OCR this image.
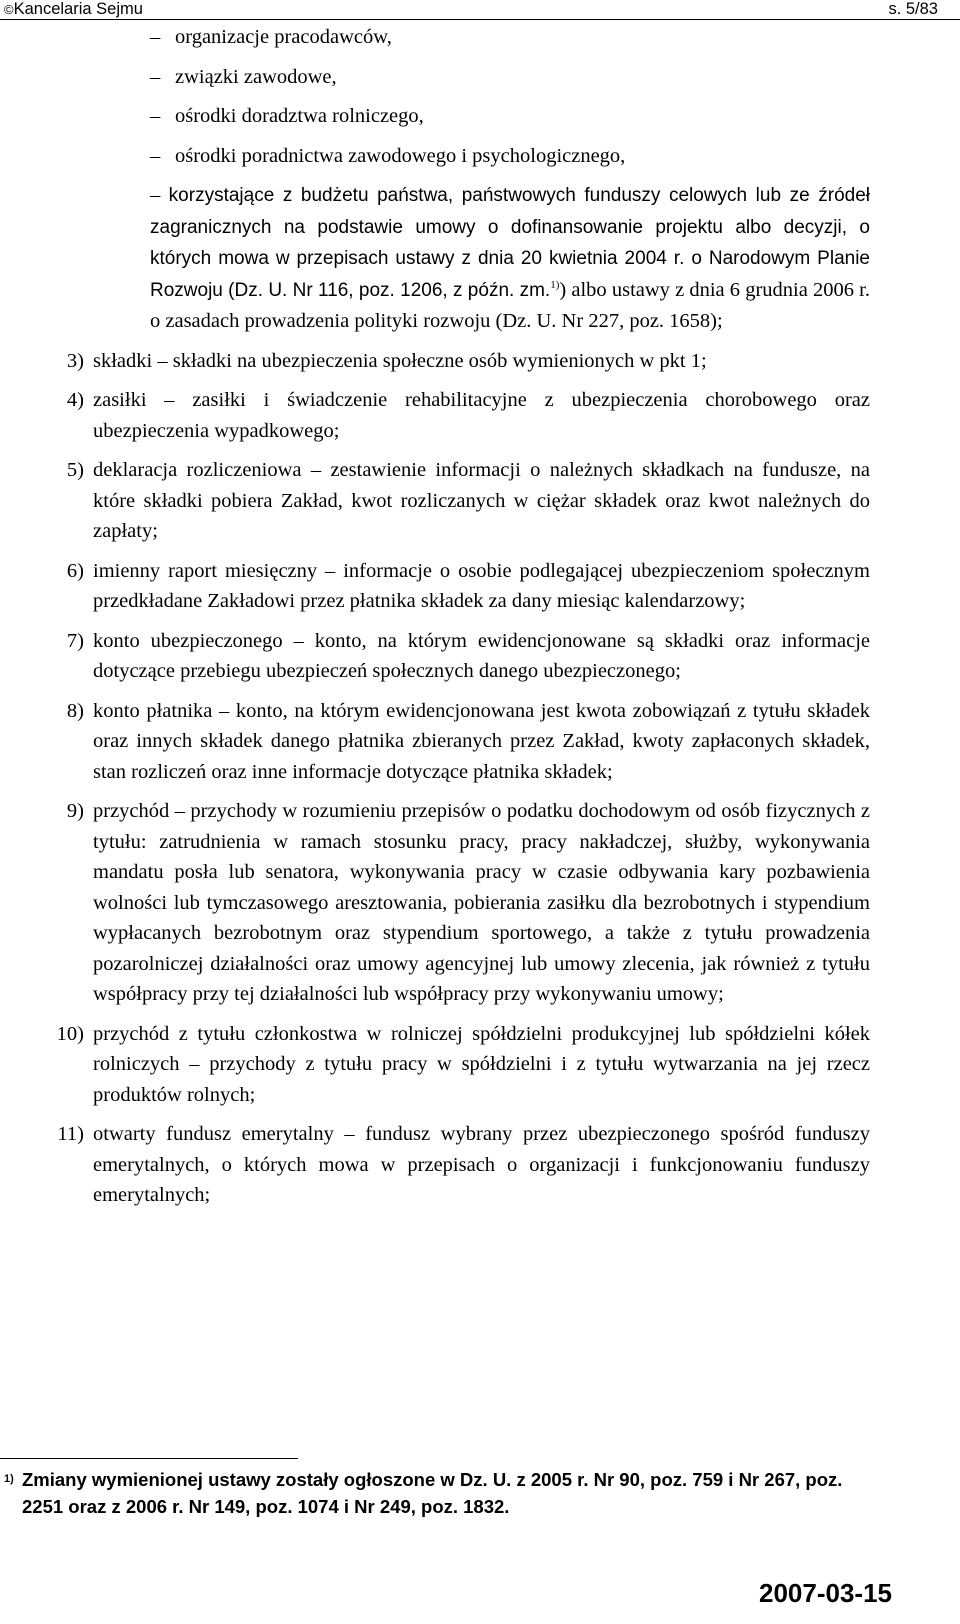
©Kancelaria Sejmu	s. 5/83
– organizacje pracodawców,
– związki zawodowe,
– ośrodki doradztwa rolniczego,
– ośrodki poradnictwa zawodowego i psychologicznego,
– korzystające z budżetu państwa, państwowych funduszy celowych lub ze źródeł zagranicznych na podstawie umowy o dofinansowanie projektu albo decyzji, o których mowa w przepisach ustawy z dnia 20 kwietnia 2004 r. o Narodowym Planie Rozwoju (Dz. U. Nr 116, poz. 1206, z późn. zm.$^{1)}$) albo ustawy z dnia 6 grudnia 2006 r. o zasadach prowadzenia polityki rozwoju (Dz. U. Nr 227, poz. 1658);
3) składki – składki na ubezpieczenia społeczne osób wymienionych w pkt 1;
4) zasiłki – zasiłki i świadczenie rehabilitacyjne z ubezpieczenia chorobowego oraz ubezpieczenia wypadkowego;
5) deklaracja rozliczeniowa – zestawienie informacji o należnych składkach na fundusze, na które składki pobiera Zakład, kwot rozliczanych w ciężar składek oraz kwot należnych do zapłaty;
6) imienny raport miesięczny – informacje o osobie podlegającej ubezpieczeniom społecznym przedkładane Zakładowi przez płatnika składek za dany miesiąc kalendarzowy;
7) konto ubezpieczonego – konto, na którym ewidencjonowane są składki oraz informacje dotyczące przebiegu ubezpieczeń społecznych danego ubezpieczonego;
8) konto płatnika – konto, na którym ewidencjonowana jest kwota zobowiązań z tytułu składek oraz innych składek danego płatnika zbieranych przez Zakład, kwoty zapłaconych składek, stan rozliczeń oraz inne informacje dotyczące płatnika składek;
9) przychód – przychody w rozumieniu przepisów o podatku dochodowym od osób fizycznych z tytułu: zatrudnienia w ramach stosunku pracy, pracy nakładczej, służby, wykonywania mandatu posła lub senatora, wykonywania pracy w czasie odbywania kary pozbawienia wolności lub tymczasowego aresztowania, pobierania zasiłku dla bezrobotnych i stypendium wypłacanych bezrobotnym oraz stypendium sportowego, a także z tytułu prowadzenia pozarolniczej działalności oraz umowy agencyjnej lub umowy zlecenia, jak również z tytułu współpracy przy tej działalności lub współpracy przy wykonywaniu umowy;
10) przychód z tytułu członkostwa w rolniczej spółdzielni produkcyjnej lub spółdzielni kółek rolniczych – przychody z tytułu pracy w spółdzielni i z tytułu wytwarzania na jej rzecz produktów rolnych;
11) otwarty fundusz emerytalny – fundusz wybrany przez ubezpieczonego spośród funduszy emerytalnych, o których mowa w przepisach o organizacji i funkcjonowaniu funduszy emerytalnych;
1) Zmiany wymienionej ustawy zostały ogłoszone w Dz. U. z 2005 r. Nr 90, poz. 759 i Nr 267, poz. 2251 oraz z 2006 r. Nr 149, poz. 1074 i Nr 249, poz. 1832.
2007-03-15
